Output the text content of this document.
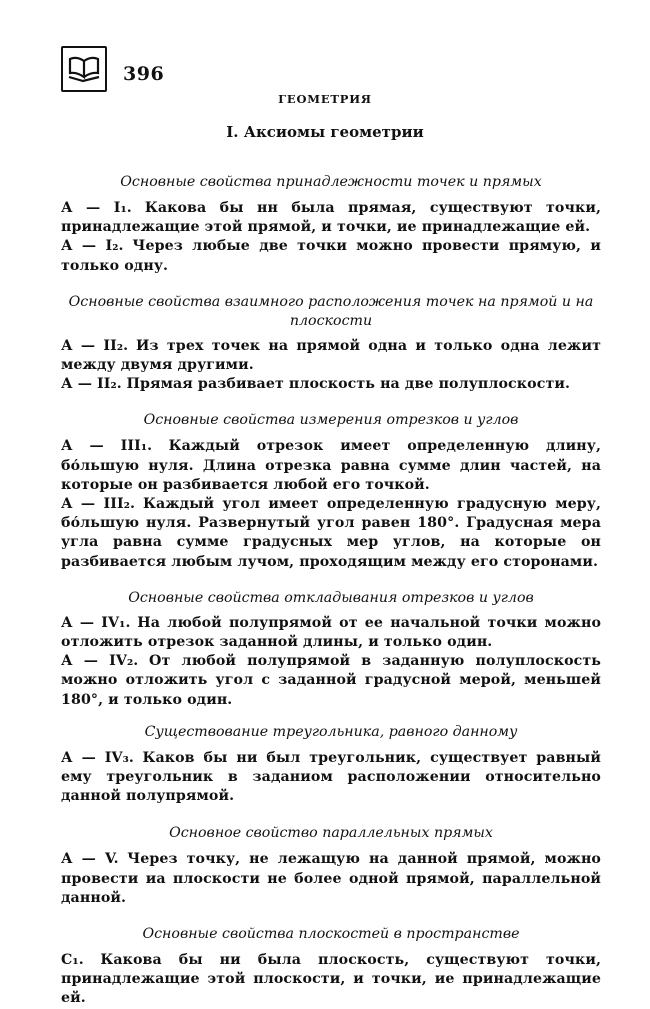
396
ГЕОМЕТРИЯ
I. Аксиомы геометрии

Основные свойства принадлежности точек и прямых

А — I₁. Какова бы нн была прямая, существуют точки, принадлежащие этой прямой, и точки, ие принадлежащие ей.

А — I₂. Через любые две точки можно провести прямую, и только одну.

Основные свойства взаимного расположения точек на прямой и на плоскости

А — II₂. Из трех точек на прямой одна и только одна лежит между двумя другими.

А — II₂. Прямая разбивает плоскость на две полуплоскости.

Основные свойства измерения отрезков и углов

А — III₁. Каждый отрезок имеет определенную длину, бо́льшую нуля. Длина отрезка равна сумме длин частей, на которые он разбивается любой его точкой.

А — III₂. Каждый угол имеет определенную градусную меру, бо́льшую нуля. Развернутый угол равен 180°. Градусная мера угла равна сумме градусных мер углов, на которые он разбивается любым лучом, проходящим между его сторонами.

Основные свойства откладывания отрезков и углов

А — IV₁. На любой полупрямой от ее начальной точки можно отложить отрезок заданной длины, и только один.

А — IV₂. От любой полупрямой в заданную полуплоскость можно отложить угол с заданной градусной мерой, меньшей 180°, и только один.

Существование треугольника, равного данному

А — IV₃. Каков бы ни был треугольник, существует равный ему треугольник в заданиом расположении относительно данной полупрямой.

Основное свойство параллельных прямых

А — V. Через точку, не лежащую на данной прямой, можно провести иа плоскости не более одной прямой, параллельной данной.

Основные свойства плоскостей в пространстве

C₁. Какова бы ни была плоскость, существуют точки, принадлежащие этой плоскости, и точки, ие принадлежащие ей.
